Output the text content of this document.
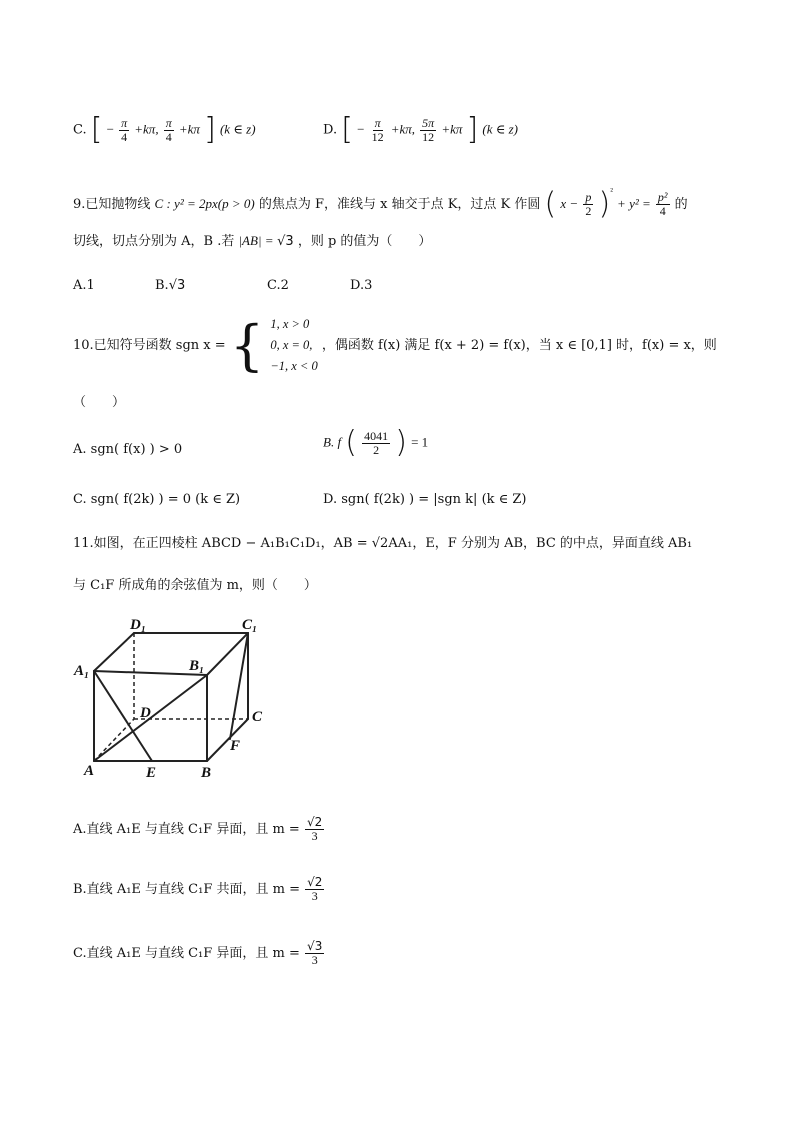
C. [ − $\frac{\pi}{4} +k\pi$, $\frac{\pi}{4} +k\pi$ ] (k ∈ z)	D. [ − $\frac{\pi}{12} +k\pi$, $\frac{5\pi}{12} +k\pi$ ] (k ∈ z)
9.已知抛物线 C : y² = 2px(p > 0) 的焦点为 F，准线与 x 轴交于点 K，过点 K 作圆 ( $x - \frac{p}{2} )^{^2} + y^2 = \frac{\text{p²}}{4}$ 的
切线，切点分别为 A，B .若 |AB| = √3 ，则 p 的值为（　　）
A.1	B.√3	C.2	D.3
10.已知符号函数 sgn x = { 1, x > 0
0, x = 0,
−1, x < 0
，偶函数 f(x) 满足 f(x + 2) = f(x)，当 x ∈ [0,1] 时，f(x) = x，则
（　　）
A. sgn( f(x) ) > 0	B. f ( $\frac{4041}{2}$ ) = 1
C. sgn( f(2k) ) = 0 (k ∈ Z)	D. sgn( f(2k) ) = |sgn k| (k ∈ Z)
11.如图，在正四棱柱 ABCD − A₁B₁C₁D₁，AB = √2AA₁，E，F 分别为 AB，BC 的中点，异面直线 AB₁
与 C₁F 所成角的余弦值为 m，则（　　）
D₁	C₁
A₁	B₁
D	C
F
A	E	B
A.直线 A₁E 与直线 C₁F 异面，且 $m = \frac{√2}{3}$
B.直线 A₁E 与直线 C₁F 共面，且 $m = \frac{√2}{3}$
C.直线 A₁E 与直线 C₁F 异面，且 $m = \frac{√3}{3}$
